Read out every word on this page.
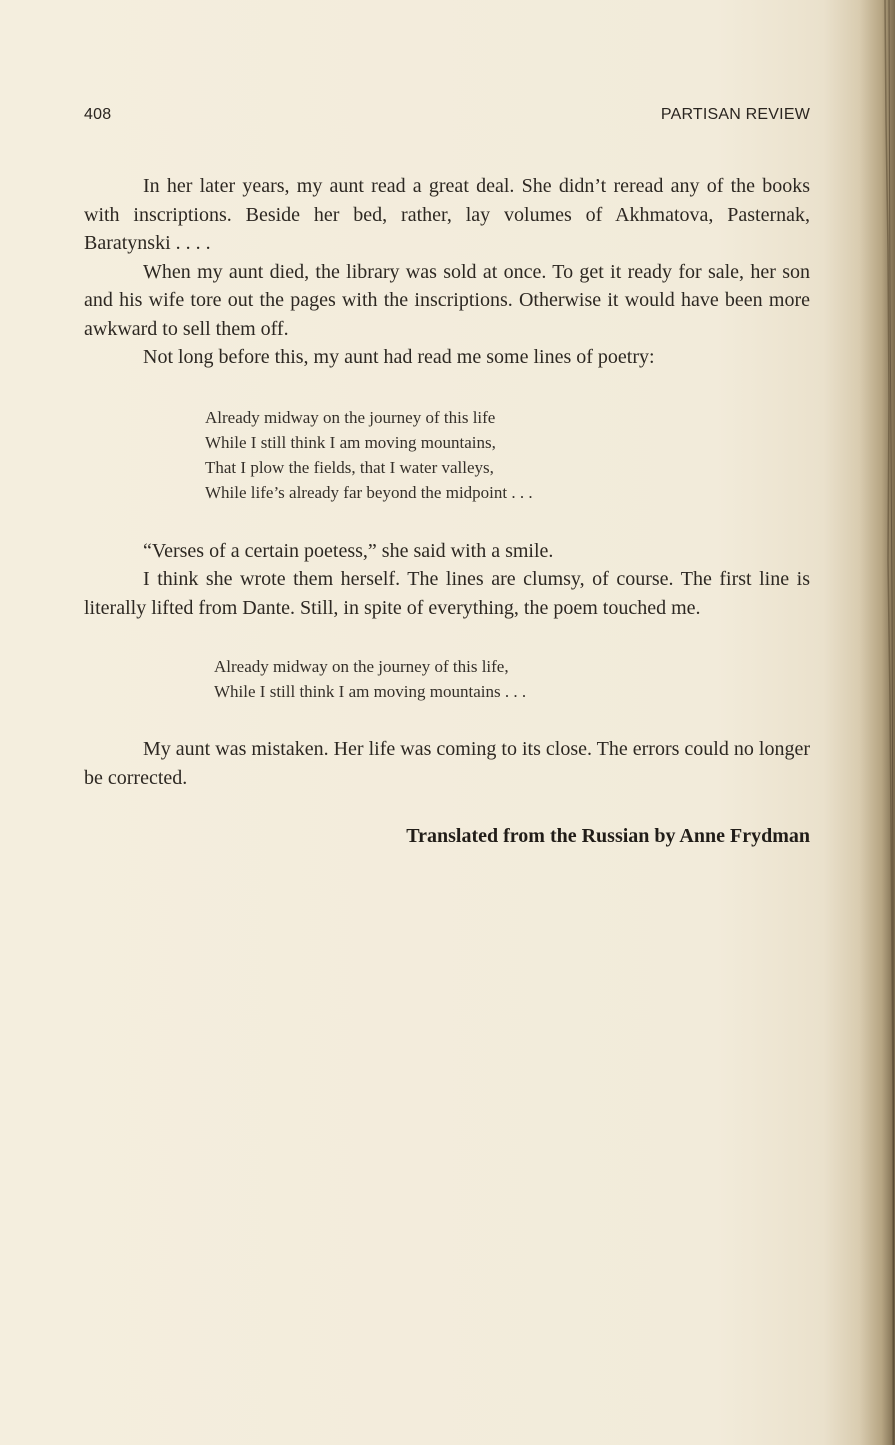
408	PARTISAN REVIEW

In her later years, my aunt read a great deal. She didn’t reread any of the books with inscriptions. Beside her bed, rather, lay volumes of Akhmatova, Pasternak, Baratynski . . . .

When my aunt died, the library was sold at once. To get it ready for sale, her son and his wife tore out the pages with the inscriptions. Otherwise it would have been more awkward to sell them off.

Not long before this, my aunt had read me some lines of poetry:

Already midway on the journey of this life
While I still think I am moving mountains,
That I plow the fields, that I water valleys,
While life’s already far beyond the midpoint . . .

“Verses of a certain poetess,” she said with a smile.

I think she wrote them herself. The lines are clumsy, of course. The first line is literally lifted from Dante. Still, in spite of everything, the poem touched me.

Already midway on the journey of this life,
While I still think I am moving mountains . . .

My aunt was mistaken. Her life was coming to its close. The errors could no longer be corrected.

Translated from the Russian by Anne Frydman
